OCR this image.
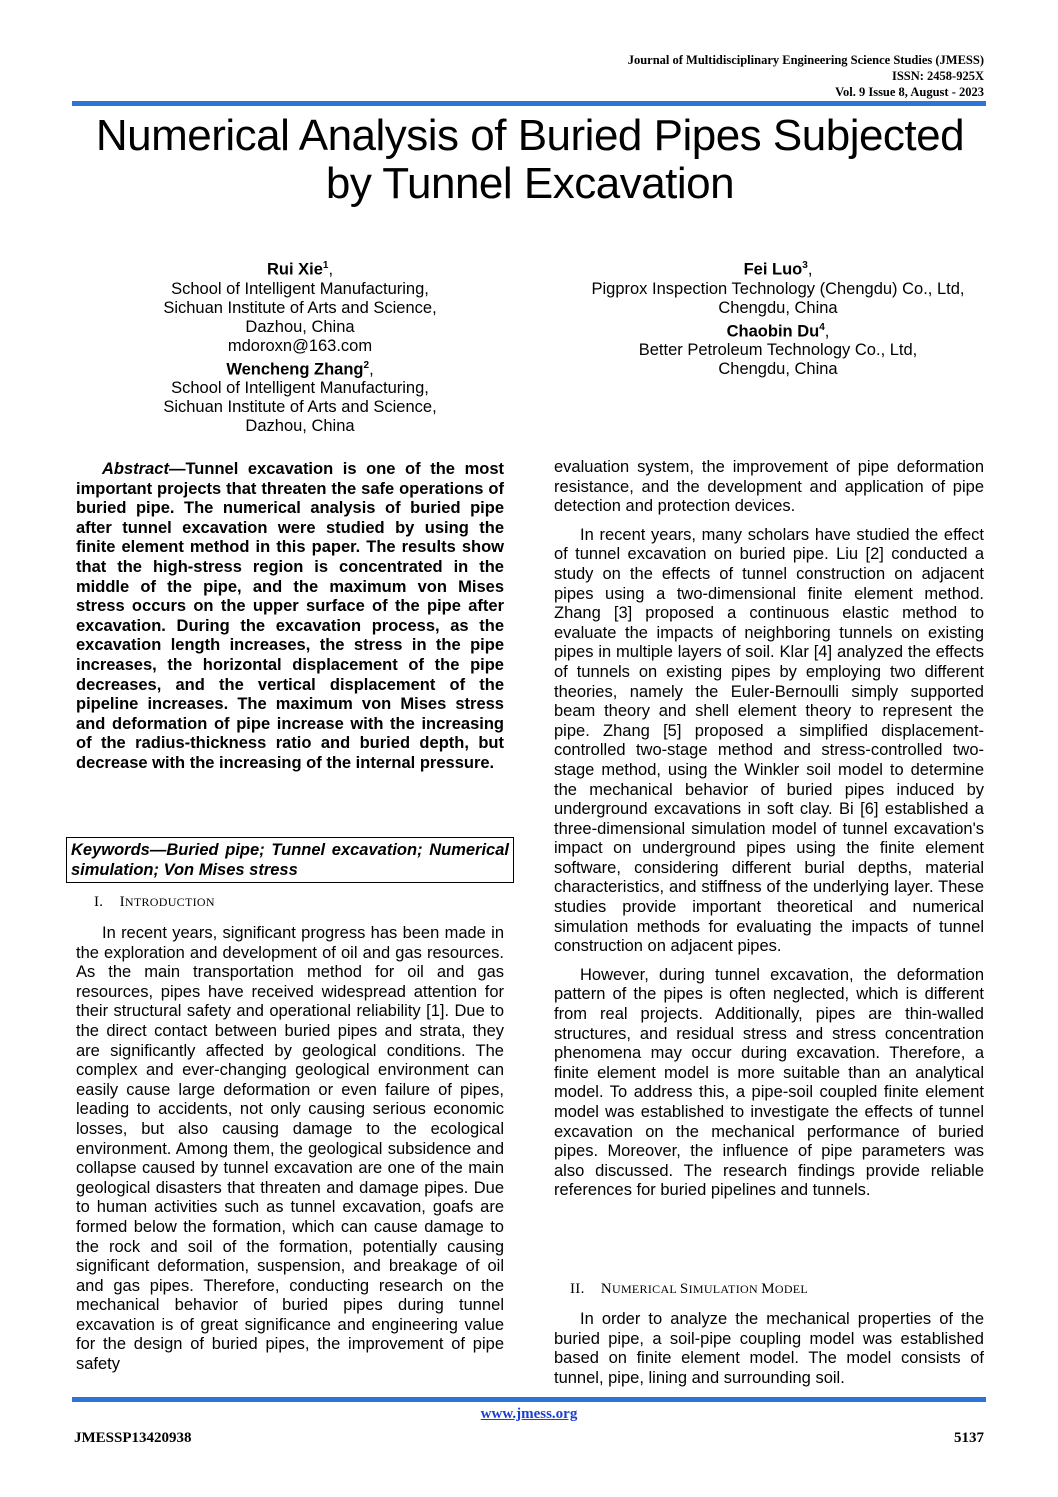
Journal of Multidisciplinary Engineering Science Studies (JMESS)
ISSN: 2458-925X
Vol. 9 Issue 8, August - 2023
Numerical Analysis of Buried Pipes Subjected
by Tunnel Excavation
Rui Xie$^1$,
School of Intelligent Manufacturing,
Sichuan Institute of Arts and Science,
Dazhou, China
mdoroxn@163.com
Wencheng Zhang$^2$,
School of Intelligent Manufacturing,
Sichuan Institute of Arts and Science,
Dazhou, China
Fei Luo$^3$,
Pigprox Inspection Technology (Chengdu) Co., Ltd,
Chengdu, China
Chaobin Du$^4$,
Better Petroleum Technology Co., Ltd,
Chengdu, China

Abstract—Tunnel excavation is one of the most important projects that threaten the safe operations of buried pipe. The numerical analysis of buried pipe after tunnel excavation were studied by using the finite element method in this paper. The results show that the high-stress region is concentrated in the middle of the pipe, and the maximum von Mises stress occurs on the upper surface of the pipe after excavation. During the excavation process, as the excavation length increases, the stress in the pipe increases, the horizontal displacement of the pipe decreases, and the vertical displacement of the pipeline increases. The maximum von Mises stress and deformation of pipe increase with the increasing of the radius-thickness ratio and buried depth, but decrease with the increasing of the internal pressure.

Keywords—Buried pipe; Tunnel excavation; Numerical simulation; Von Mises stress
I. INTRODUCTION

In recent years, significant progress has been made in the exploration and development of oil and gas resources. As the main transportation method for oil and gas resources, pipes have received widespread attention for their structural safety and operational reliability [1]. Due to the direct contact between buried pipes and strata, they are significantly affected by geological conditions. The complex and ever-changing geological environment can easily cause large deformation or even failure of pipes, leading to accidents, not only causing serious economic losses, but also causing damage to the ecological environment. Among them, the geological subsidence and collapse caused by tunnel excavation are one of the main geological disasters that threaten and damage pipes. Due to human activities such as tunnel excavation, goafs are formed below the formation, which can cause damage to the rock and soil of the formation, potentially causing significant deformation, suspension, and breakage of oil and gas pipes. Therefore, conducting research on the mechanical behavior of buried pipes during tunnel excavation is of great significance and engineering value for the design of buried pipes, the improvement of pipe safety

evaluation system, the improvement of pipe deformation resistance, and the development and application of pipe detection and protection devices.

In recent years, many scholars have studied the effect of tunnel excavation on buried pipe. Liu [2] conducted a study on the effects of tunnel construction on adjacent pipes using a two-dimensional finite element method. Zhang [3] proposed a continuous elastic method to evaluate the impacts of neighboring tunnels on existing pipes in multiple layers of soil. Klar [4] analyzed the effects of tunnels on existing pipes by employing two different theories, namely the Euler-Bernoulli simply supported beam theory and shell element theory to represent the pipe. Zhang [5] proposed a simplified displacement-controlled two-stage method and stress-controlled two-stage method, using the Winkler soil model to determine the mechanical behavior of buried pipes induced by underground excavations in soft clay. Bi [6] established a three-dimensional simulation model of tunnel excavation's impact on underground pipes using the finite element software, considering different burial depths, material characteristics, and stiffness of the underlying layer. These studies provide important theoretical and numerical simulation methods for evaluating the impacts of tunnel construction on adjacent pipes.

However, during tunnel excavation, the deformation pattern of the pipes is often neglected, which is different from real projects. Additionally, pipes are thin-walled structures, and residual stress and stress concentration phenomena may occur during excavation. Therefore, a finite element model is more suitable than an analytical model. To address this, a pipe-soil coupled finite element model was established to investigate the effects of tunnel excavation on the mechanical performance of buried pipes. Moreover, the influence of pipe parameters was also discussed. The research findings provide reliable references for buried pipelines and tunnels.

II. NUMERICAL SIMULATION MODEL

In order to analyze the mechanical properties of the buried pipe, a soil-pipe coupling model was established based on finite element model. The model consists of tunnel, pipe, lining and surrounding soil.

www.jmess.org
JMESSP13420938	5137
